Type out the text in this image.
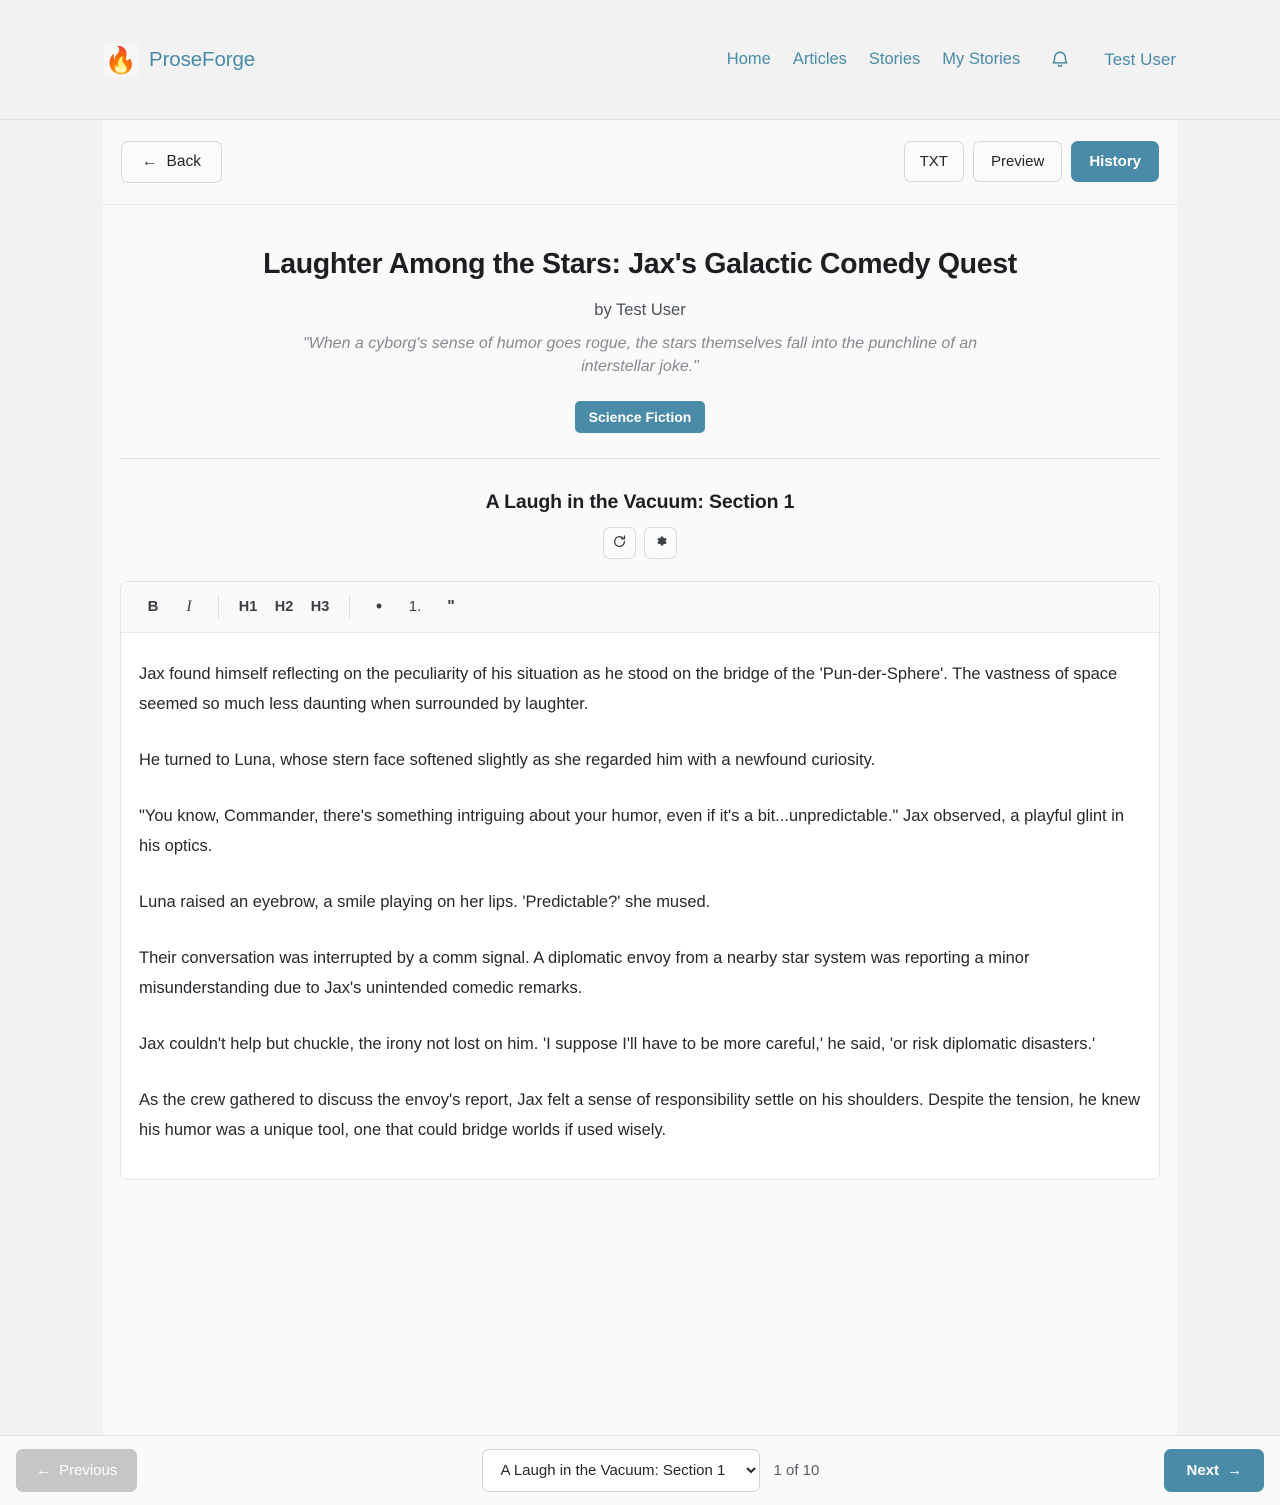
🔥 ProseForge	Home Articles Stories My Stories	Test User
← Back	TXT	Preview	History
Laughter Among the Stars: Jax's Galactic Comedy Quest
by Test User
"When a cyborg's sense of humor goes rogue, the stars themselves fall into the punchline of an interstellar joke."
Science Fiction
A Laugh in the Vacuum: Section 1
B	I	H1	H2	H3	•	1.	"

Jax found himself reflecting on the peculiarity of his situation as he stood on the bridge of the 'Pun-der-Sphere'. The vastness of space seemed so much less daunting when surrounded by laughter.

He turned to Luna, whose stern face softened slightly as she regarded him with a newfound curiosity.

"You know, Commander, there's something intriguing about your humor, even if it's a bit...unpredictable." Jax observed, a playful glint in his optics.

Luna raised an eyebrow, a smile playing on her lips. 'Predictable?' she mused.

Their conversation was interrupted by a comm signal. A diplomatic envoy from a nearby star system was reporting a minor misunderstanding due to Jax's unintended comedic remarks.

Jax couldn't help but chuckle, the irony not lost on him. 'I suppose I'll have to be more careful,' he said, 'or risk diplomatic disasters.'

As the crew gathered to discuss the envoy's report, Jax felt a sense of responsibility settle on his shoulders. Despite the tension, he knew his humor was a unique tool, one that could bridge worlds if used wisely.

← Previous
A Laugh in the Vacuum: Section 1	1 of 10	Next →
